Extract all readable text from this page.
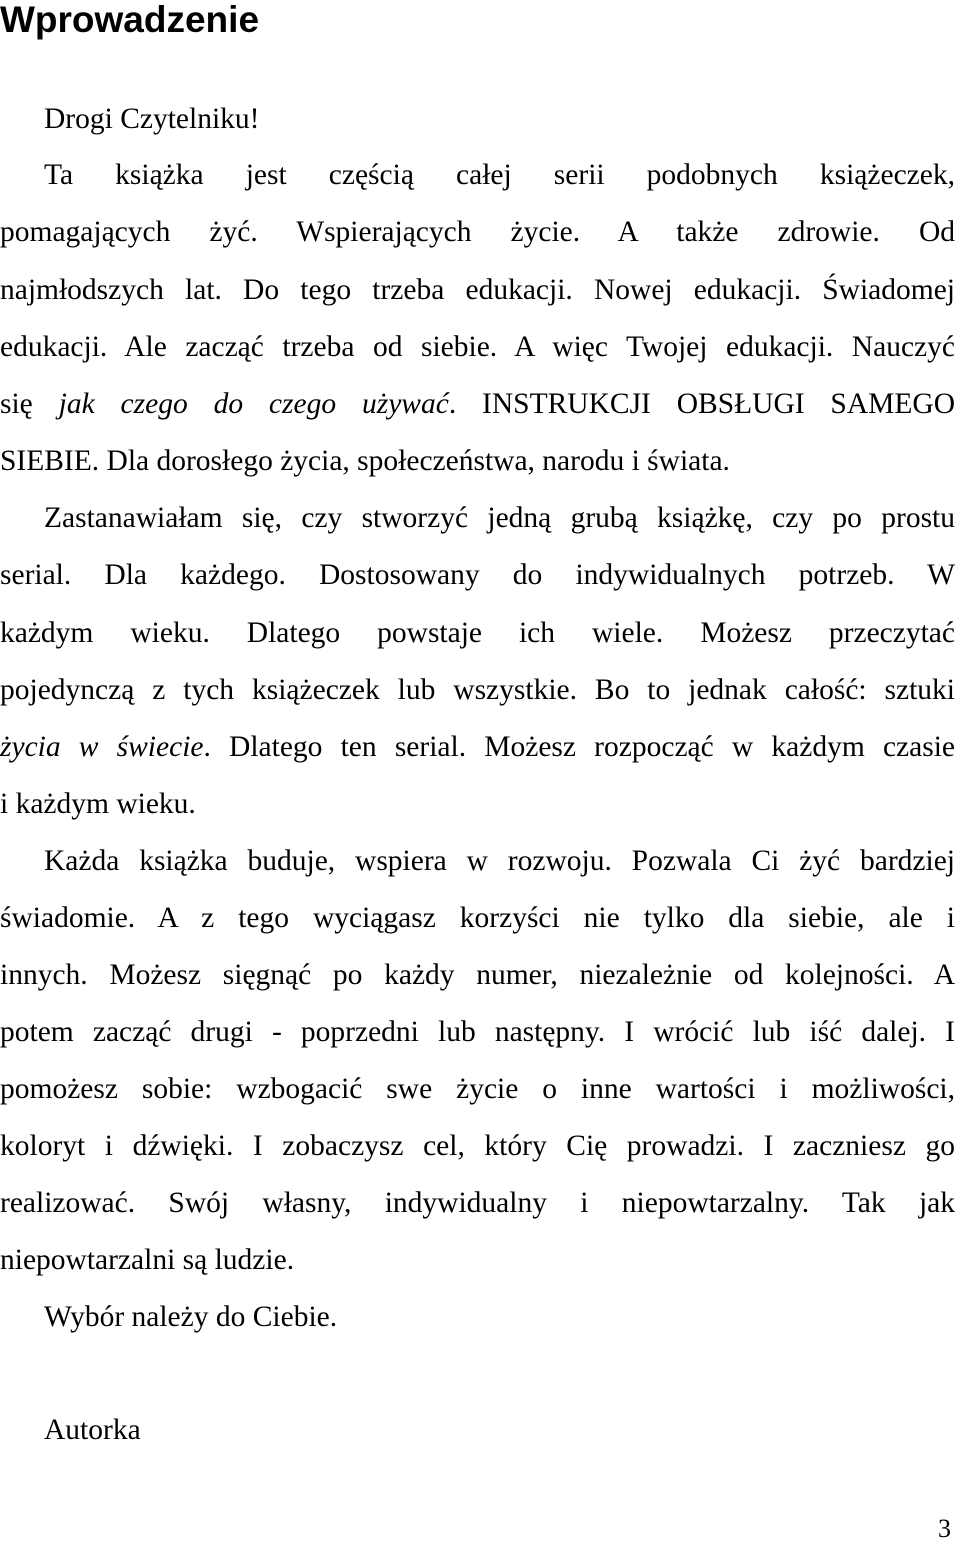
Wprowadzenie
Drogi Czytelniku!
Ta książka jest częścią całej serii podobnych książeczek,
pomagających żyć. Wspierających życie. A także zdrowie. Od
najmłodszych lat. Do tego trzeba edukacji. Nowej edukacji. Świadomej
edukacji. Ale zacząć trzeba od siebie. A więc Twojej edukacji. Nauczyć
się jak czego do czego używać. INSTRUKCJI OBSŁUGI SAMEGO
SIEBIE. Dla dorosłego życia, społeczeństwa, narodu i świata.
Zastanawiałam się, czy stworzyć jedną grubą książkę, czy po prostu
serial. Dla każdego. Dostosowany do indywidualnych potrzeb. W
każdym wieku. Dlatego powstaje ich wiele. Możesz przeczytać
pojedynczą z tych książeczek lub wszystkie. Bo to jednak całość: sztuki
życia w świecie. Dlatego ten serial. Możesz rozpocząć w każdym czasie
i każdym wieku.
Każda książka buduje, wspiera w rozwoju. Pozwala Ci żyć bardziej
świadomie. A z tego wyciągasz korzyści nie tylko dla siebie, ale i
innych. Możesz sięgnąć po każdy numer, niezależnie od kolejności. A
potem zacząć drugi - poprzedni lub następny. I wrócić lub iść dalej. I
pomożesz sobie: wzbogacić swe życie o inne wartości i możliwości,
koloryt i dźwięki. I zobaczysz cel, który Cię prowadzi. I zaczniesz go
realizować. Swój własny, indywidualny i niepowtarzalny. Tak jak
niepowtarzalni są ludzie.
Wybór należy do Ciebie.
Autorka
3
